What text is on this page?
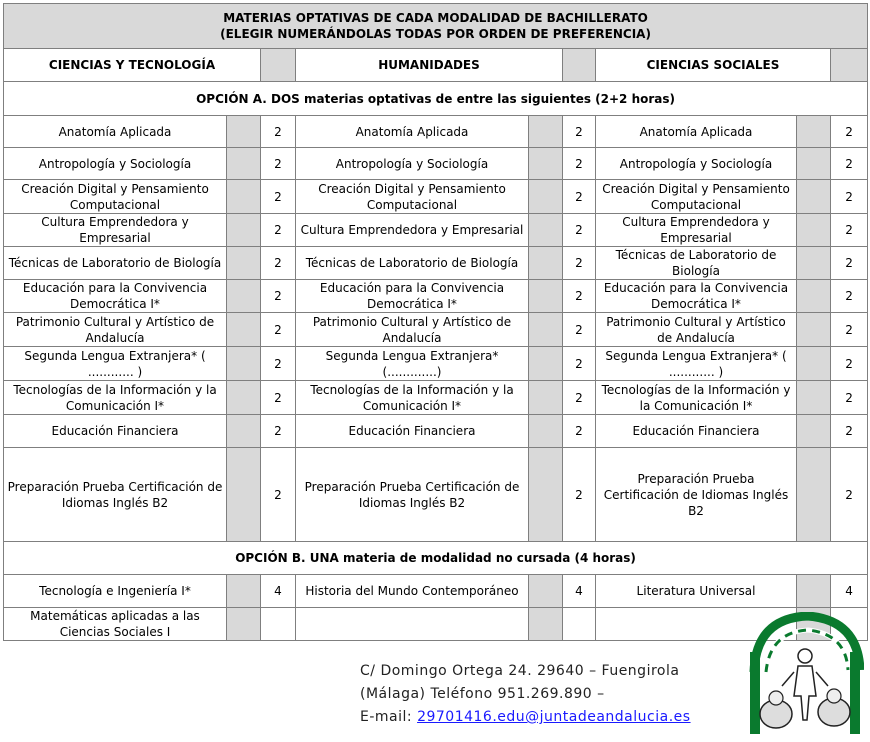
MATERIAS OPTATIVAS DE CADA MODALIDAD DE BACHILLERATO
(ELEGIR NUMERÁNDOLAS TODAS POR ORDEN DE PREFERENCIA)								

CIENCIAS Y TECNOLOGÍA			HUMANIDADES			CIENCIAS SOCIALES		
OPCIÓN A. DOS materias optativas de entre las siguientes (2+2 horas)								
Anatomía Aplicada		2	Anatomía Aplicada		2	Anatomía Aplicada		2
Antropología y Sociología		2	Antropología y Sociología		2	Antropología y Sociología		2
Creación Digital y Pensamiento Computacional		2	Creación Digital y Pensamiento Computacional		2	Creación Digital y Pensamiento Computacional		2
Cultura Emprendedora y Empresarial		2	Cultura Emprendedora y Empresarial		2	Cultura Emprendedora y Empresarial		2
Técnicas de Laboratorio de Biología		2	Técnicas de Laboratorio de Biología		2	Técnicas de Laboratorio de Biología		2
Educación para la Convivencia Democrática I*		2	Educación para la Convivencia Democrática I*		2	Educación para la Convivencia Democrática I*		2
Patrimonio Cultural y Artístico de Andalucía		2	Patrimonio Cultural y Artístico de Andalucía		2	Patrimonio Cultural y Artístico de Andalucía		2
Segunda Lengua Extranjera* ( ............ )		2	Segunda Lengua Extranjera* (.............)		2	Segunda Lengua Extranjera* ( ............ )		2
Tecnologías de la Información y la Comunicación I*		2	Tecnologías de la Información y la Comunicación I*		2	Tecnologías de la Información y la Comunicación I*		2
Educación Financiera		2	Educación Financiera		2	Educación Financiera		2
Preparación Prueba Certificación de Idiomas Inglés B2		2	Preparación Prueba Certificación de Idiomas Inglés B2		2	Preparación Prueba Certificación de Idiomas Inglés B2		2
OPCIÓN B. UNA materia de modalidad no cursada (4 horas)								
Tecnología e Ingeniería I*		4	Historia del Mundo Contemporáneo		4	Literatura Universal		4
Matemáticas aplicadas a las Ciencias Sociales I								
C/ Domingo Ortega 24. 29640 – Fuengirola
(Málaga) Teléfono 951.269.890 –
E-mail: 29701416.edu@juntadeandalucia.es
